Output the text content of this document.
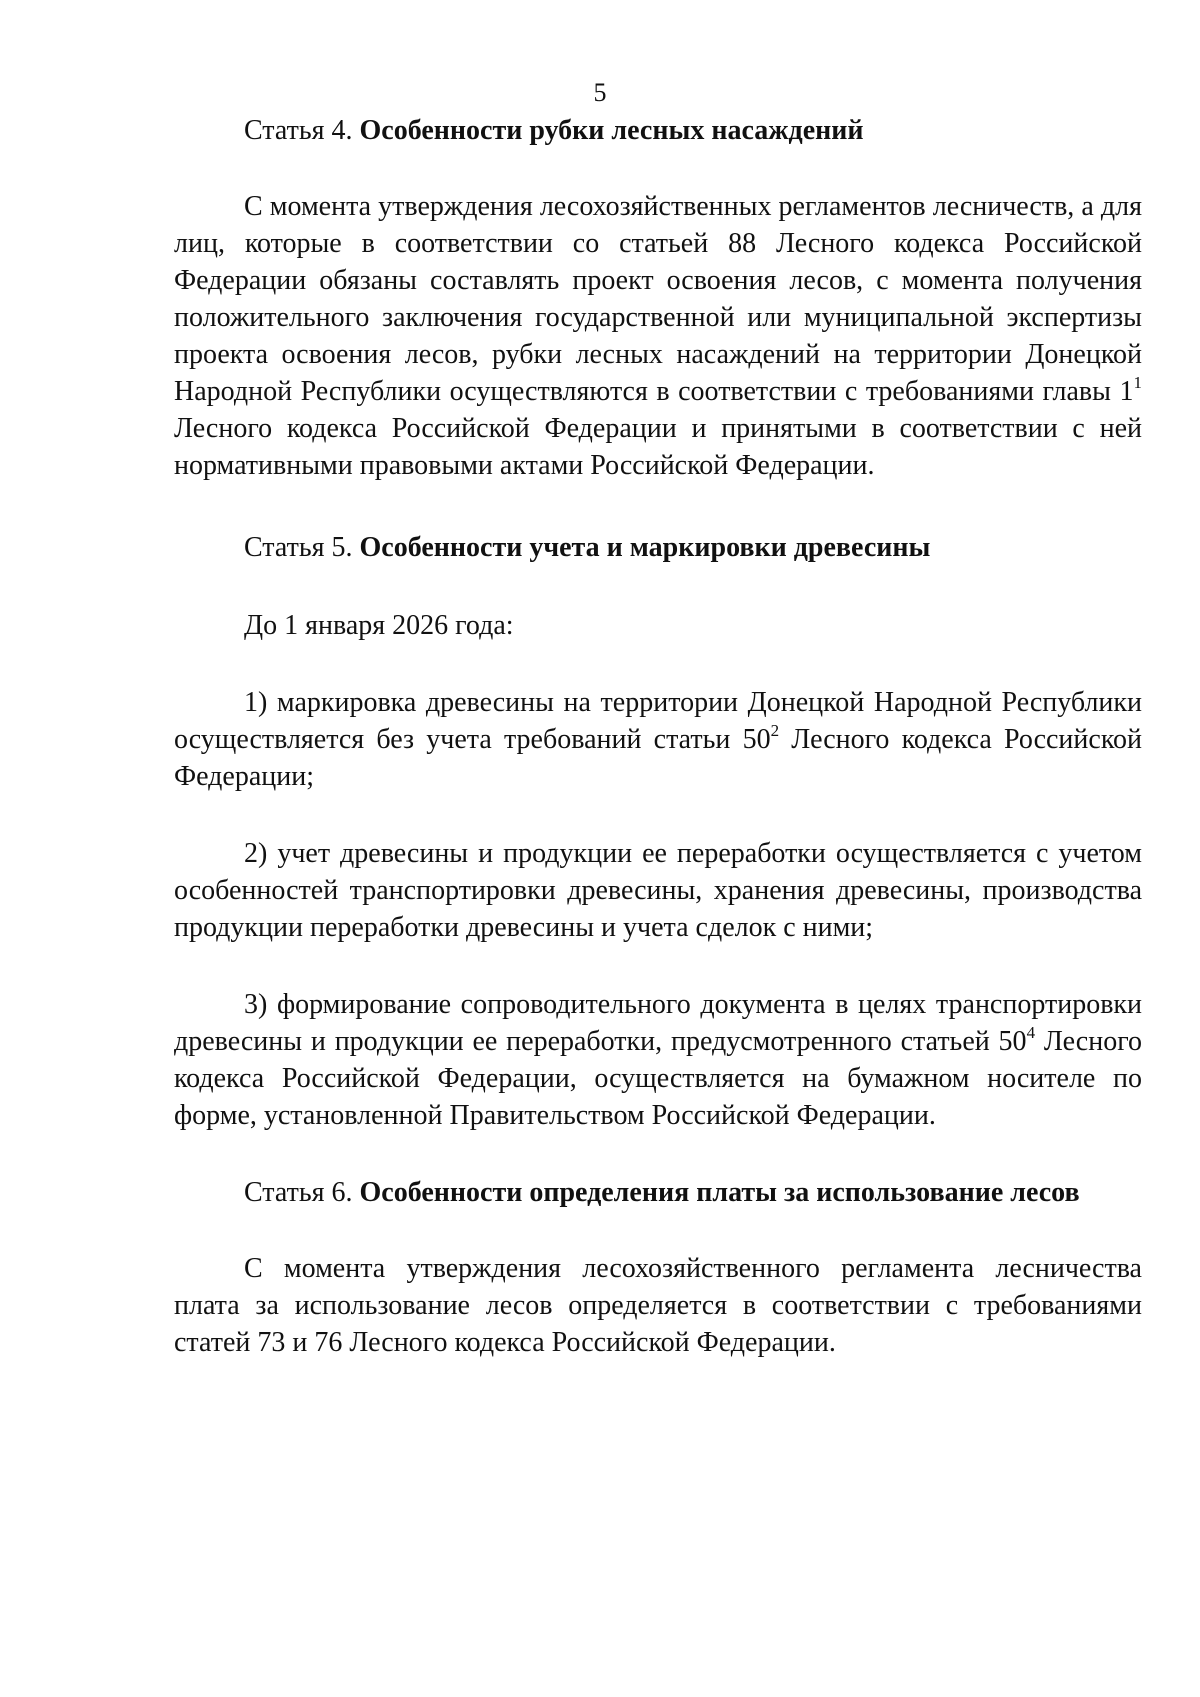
5

Статья 4. Особенности рубки лесных насаждений

С момента утверждения лесохозяйственных регламентов лесничеств, а для лиц, которые в соответствии со статьей 88 Лесного кодекса Российской Федерации обязаны составлять проект освоения лесов, с момента получения положительного заключения государственной или муниципальной экспертизы проекта освоения лесов, рубки лесных насаждений на территории Донецкой Народной Республики осуществляются в соответствии с требованиями главы $1^1$ Лесного кодекса Российской Федерации и принятыми в соответствии с ней нормативными правовыми актами Российской Федерации.

Статья 5. Особенности учета и маркировки древесины

До 1 января 2026 года:

1) маркировка древесины на территории Донецкой Народной Республики осуществляется без учета требований статьи $50^2$ Лесного кодекса Российской Федерации;

2) учет древесины и продукции ее переработки осуществляется с учетом особенностей транспортировки древесины, хранения древесины, производства продукции переработки древесины и учета сделок с ними;

3) формирование сопроводительного документа в целях транспортировки древесины и продукции ее переработки, предусмотренного статьей $50^4$ Лесного кодекса Российской Федерации, осуществляется на бумажном носителе по форме, установленной Правительством Российской Федерации.

Статья 6. Особенности определения платы за использование лесов

С момента утверждения лесохозяйственного регламента лесничества плата за использование лесов определяется в соответствии с требованиями статей 73 и 76 Лесного кодекса Российской Федерации.
